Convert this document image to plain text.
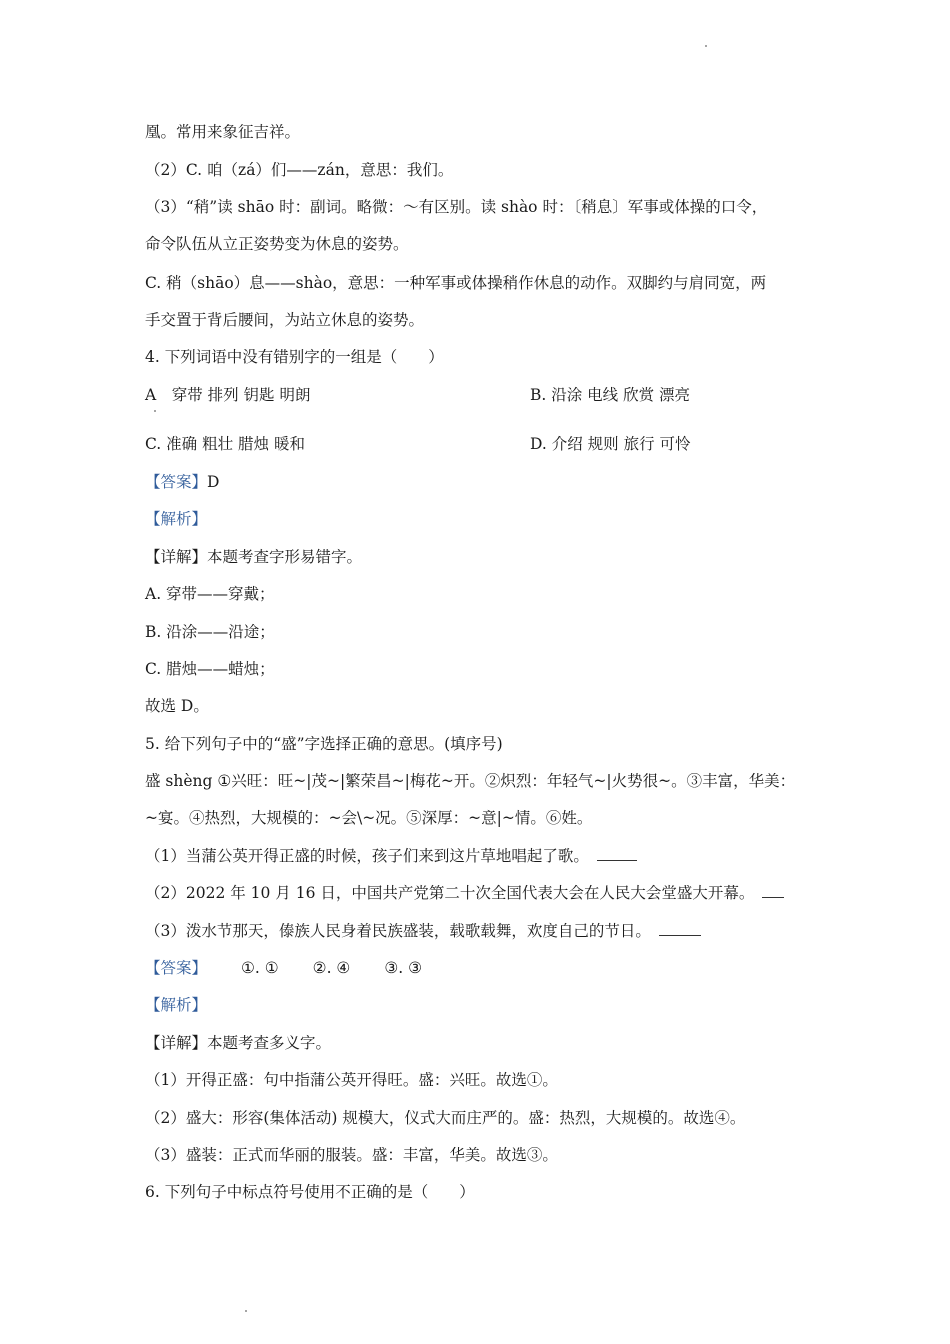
凰。常用来象征吉祥。
（2）C. 咱（zá）们——zán，意思：我们。
（3）“稍”读 shāo 时：副词。略微：～有区别。读 shào 时：〔稍息〕军事或体操的口令，
命令队伍从立正姿势变为休息的姿势。
C. 稍（shāo）息——shào，意思：一种军事或体操稍作休息的动作。双脚约与肩同宽，两
手交置于背后腰间，为站立休息的姿势。
4. 下列词语中没有错别字的一组是（　　）
A　穿带 排列 钥匙 明朗	B. 沿涂 电线 欣赏 漂亮
C. 准确 粗壮 腊烛 暖和	D. 介绍 规则 旅行 可怜
【答案】D
【解析】
【详解】本题考查字形易错字。
A. 穿带——穿戴；
B. 沿涂——沿途；
C. 腊烛——蜡烛；
故选 D。
5. 给下列句子中的“盛”字选择正确的意思。(填序号)
盛 shèng ①兴旺：旺~|茂~|繁荣昌~|梅花~开。②炽烈：年轻气~|火势很~。③丰富，华美：
~宴。④热烈，大规模的：~会\~况。⑤深厚：~意|~情。⑥姓。
（1）当蒲公英开得正盛的时候，孩子们来到这片草地唱起了歌。
（2）2022 年 10 月 16 日，中国共产党第二十次全国代表大会在人民大会堂盛大开幕。
（3）泼水节那天，傣族人民身着民族盛装，载歌载舞，欢度自己的节日。
【答案】 ①. ① ②. ④ ③. ③
【解析】
【详解】本题考查多义字。
（1）开得正盛：句中指蒲公英开得旺。盛：兴旺。故选①。
（2）盛大：形容(集体活动) 规模大，仪式大而庄严的。盛：热烈，大规模的。故选④。
（3）盛装：正式而华丽的服装。盛：丰富，华美。故选③。
6. 下列句子中标点符号使用不正确的是（　　）
